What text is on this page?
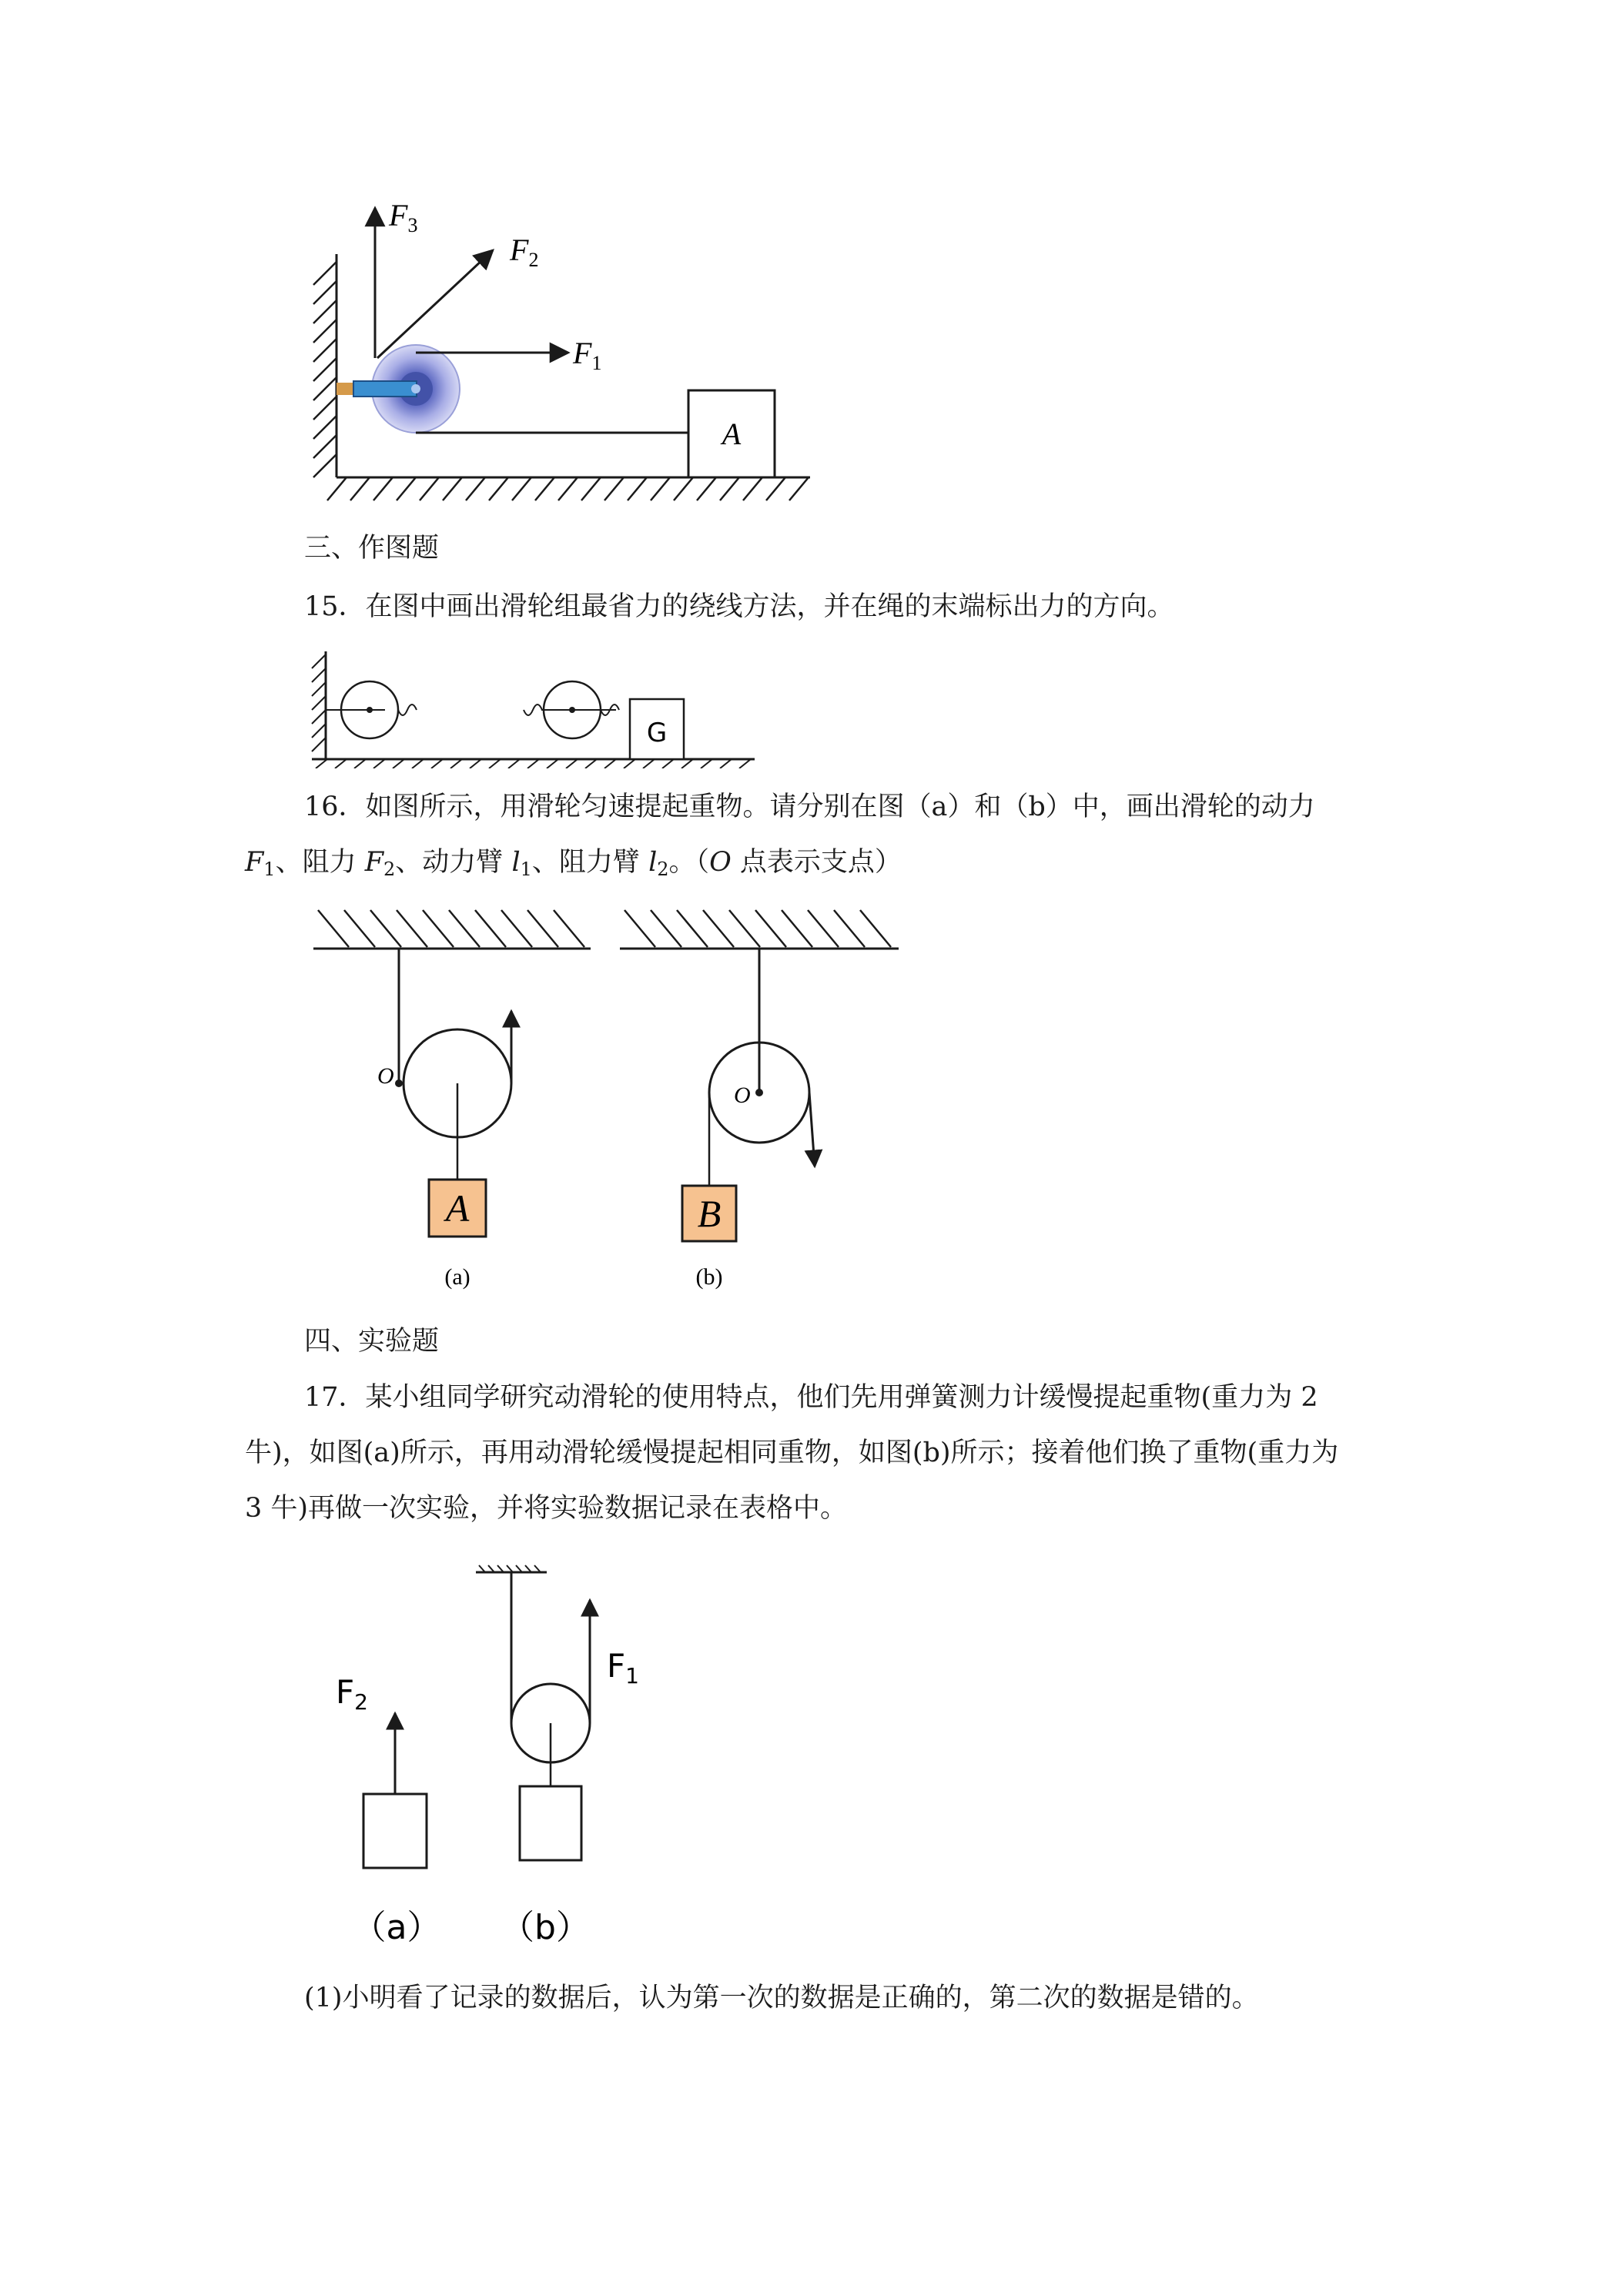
A
$F_3$
$F_2$
$F_1$
三、作图题
15．在图中画出滑轮组最省力的绕线方法，并在绳的末端标出力的方向。
G
16．如图所示，用滑轮匀速提起重物。请分别在图（a）和（b）中，画出滑轮的动力
$F_1$、阻力 $F_2$、动力臂 $l_1$、阻力臂 $l_2$。（O 点表示支点）
O
A
(a)
O
B
(b)
四、实验题
17．某小组同学研究动滑轮的使用特点，他们先用弹簧测力计缓慢提起重物(重力为 2
牛)，如图(a)所示，再用动滑轮缓慢提起相同重物，如图(b)所示；接着他们换了重物(重力为
3 牛)再做一次实验，并将实验数据记录在表格中。
F2
（a）
F1
（b）
(1)小明看了记录的数据后，认为第一次的数据是正确的，第二次的数据是错的。
